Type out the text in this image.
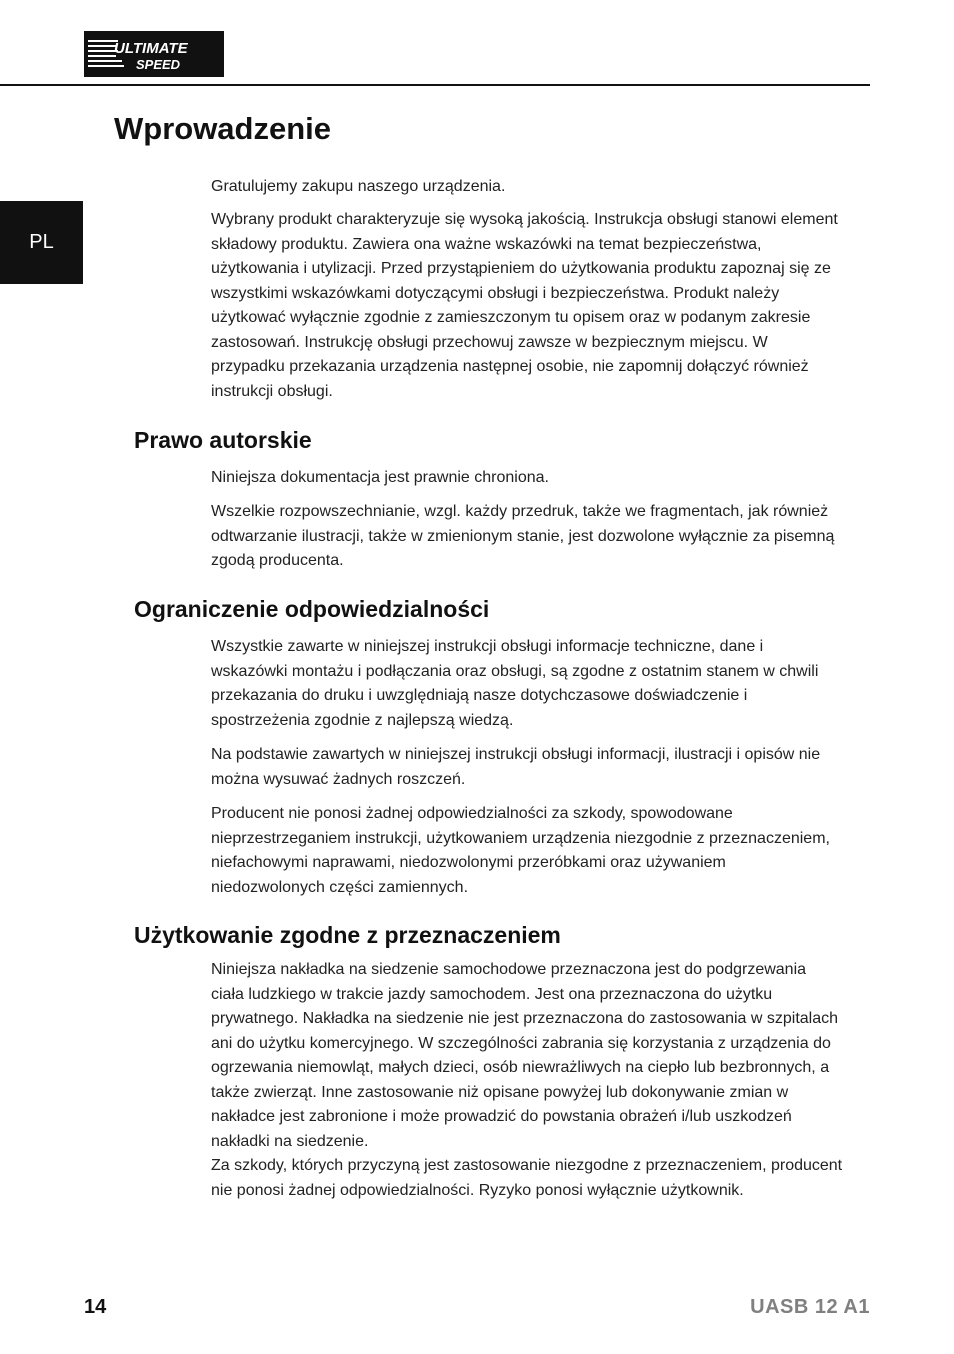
ULTIMATE
SPEED
PL
Wprowadzenie

Gratulujemy zakupu naszego urządzenia.

Wybrany produkt charakteryzuje się wysoką jakością. Instrukcja obsługi stanowi element składowy produktu. Zawiera ona ważne wskazówki na temat bezpieczeństwa, użytkowania i utylizacji. Przed przystąpieniem do użytkowania produktu zapoznaj się ze wszystkimi wskazówkami dotyczącymi obsługi i bezpieczeństwa. Produkt należy użytkować wyłącznie zgodnie z zamieszczonym tu opisem oraz w podanym zakresie zastosowań. Instrukcję obsługi przechowuj zawsze w bezpiecznym miejscu. W przypadku przekazania urządzenia następnej osobie, nie zapomnij dołączyć również instrukcji obsługi.

Prawo autorskie

Niniejsza dokumentacja jest prawnie chroniona.

Wszelkie rozpowszechnianie, wzgl. każdy przedruk, także we fragmentach, jak również odtwarzanie ilustracji, także w zmienionym stanie, jest dozwolone wyłącznie za pisemną zgodą producenta.

Ograniczenie odpowiedzialności

Wszystkie zawarte w niniejszej instrukcji obsługi informacje techniczne, dane i wskazówki montażu i podłączania oraz obsługi, są zgodne z ostatnim stanem w chwili przekazania do druku i uwzględniają nasze dotychczasowe doświadczenie i spostrzeżenia zgodnie z najlepszą wiedzą.

Na podstawie zawartych w niniejszej instrukcji obsługi informacji, ilustracji i opisów nie można wysuwać żadnych roszczeń.

Producent nie ponosi żadnej odpowiedzialności za szkody, spowodowane nieprzestrzeganiem instrukcji, użytkowaniem urządzenia niezgodnie z przeznaczeniem, niefachowymi naprawami, niedozwolonymi przeróbkami oraz używaniem niedozwolonych części zamiennych.

Użytkowanie zgodne z przeznaczeniem

Niniejsza nakładka na siedzenie samochodowe przeznaczona jest do podgrzewania ciała ludzkiego w trakcie jazdy samochodem. Jest ona przeznaczona do użytku prywatnego. Nakładka na siedzenie nie jest przeznaczona do zastosowania w szpitalach ani do użytku komercyjnego. W szczególności zabrania się korzystania z urządzenia do ogrzewania niemowląt, małych dzieci, osób niewrażliwych na ciepło lub bezbronnych, a także zwierząt. Inne zastosowanie niż opisane powyżej lub dokonywanie zmian w nakładce jest zabronione i może prowadzić do powstania obrażeń i/lub uszkodzeń nakładki na siedzenie.

Za szkody, których przyczyną jest zastosowanie niezgodne z przeznaczeniem, producent nie ponosi żadnej odpowiedzialności. Ryzyko ponosi wyłącznie użytkownik.

14	UASB 12 A1
